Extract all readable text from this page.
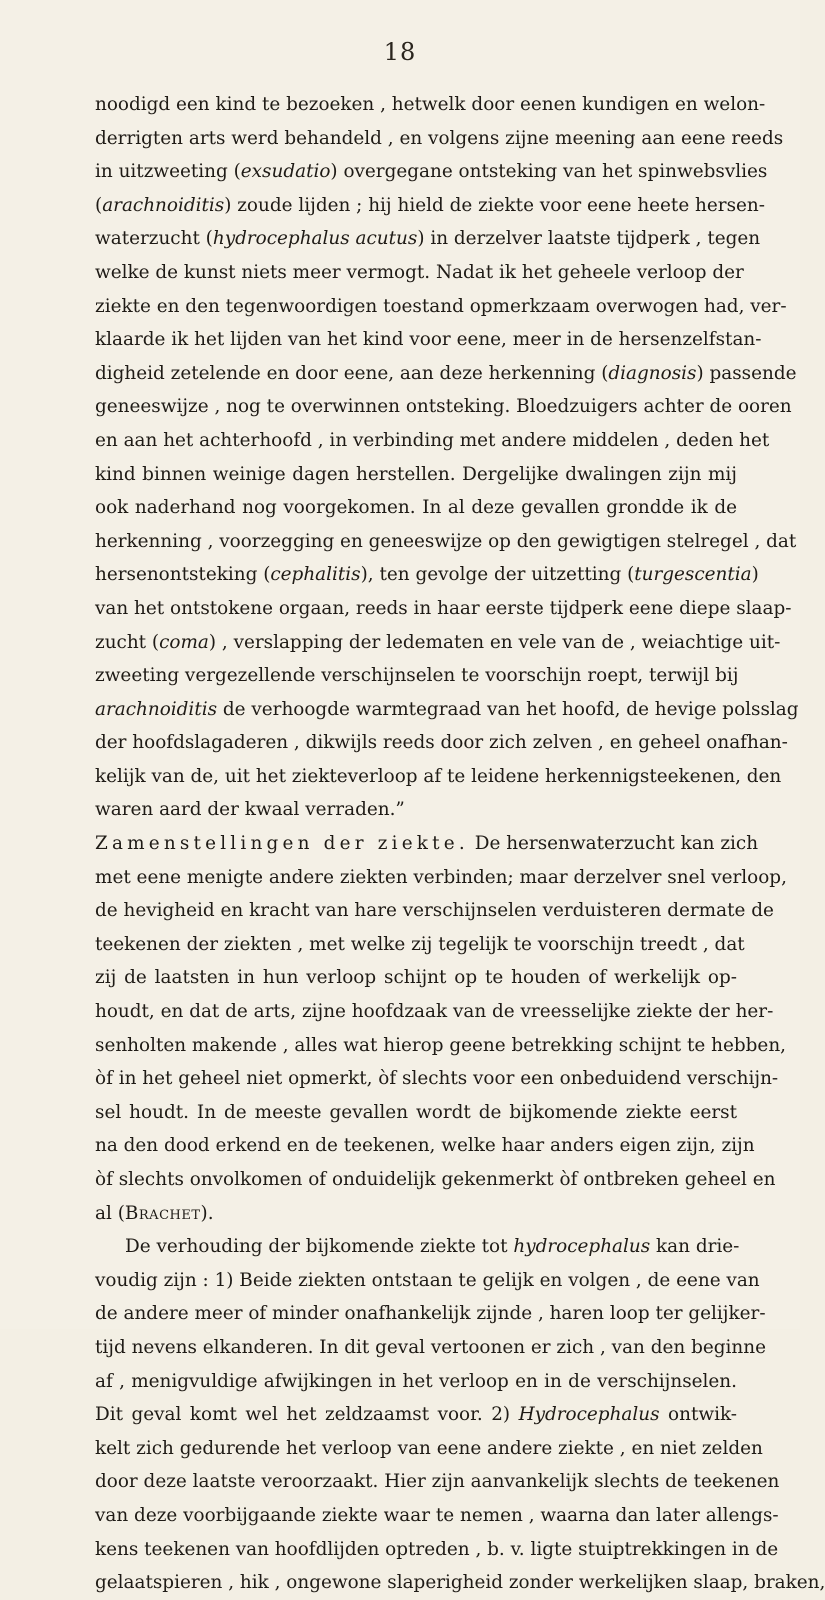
18
noodigd een kind te bezoeken , hetwelk door eenen kundigen en welon-
derrigten arts werd behandeld , en volgens zijne meening aan eene reeds
in uitzweeting (exsudatio) overgegane ontsteking van het spinwebsvlies
(arachnoiditis) zoude lijden ; hij hield de ziekte voor eene heete hersen-
waterzucht (hydrocephalus acutus) in derzelver laatste tijdperk , tegen
welke de kunst niets meer vermogt. Nadat ik het geheele verloop der
ziekte en den tegenwoordigen toestand opmerkzaam overwogen had, ver-
klaarde ik het lijden van het kind voor eene, meer in de hersenzelfstan-
digheid zetelende en door eene, aan deze herkenning (diagnosis) passende
geneeswijze , nog te overwinnen ontsteking. Bloedzuigers achter de ooren
en aan het achterhoofd , in verbinding met andere middelen , deden het
kind binnen weinige dagen herstellen. Dergelijke dwalingen zijn mij
ook naderhand nog voorgekomen. In al deze gevallen grondde ik de
herkenning , voorzegging en geneeswijze op den gewigtigen stelregel , dat
hersenontsteking (cephalitis), ten gevolge der uitzetting (turgescentia)
van het ontstokene orgaan, reeds in haar eerste tijdperk eene diepe slaap-
zucht (coma) , verslapping der ledematen en vele van de , weiachtige uit-
zweeting vergezellende verschijnselen te voorschijn roept, terwijl bij
arachnoiditis de verhoogde warmtegraad van het hoofd, de hevige polsslag
der hoofdslagaderen , dikwijls reeds door zich zelven , en geheel onafhan-
kelijk van de, uit het ziekteverloop af te leidene herkennigsteekenen, den
waren aard der kwaal verraden.”
Zamenstellingen der ziekte. De hersenwaterzucht kan zich
met eene menigte andere ziekten verbinden; maar derzelver snel verloop,
de hevigheid en kracht van hare verschijnselen verduisteren dermate de
teekenen der ziekten , met welke zij tegelijk te voorschijn treedt , dat
zij de laatsten in hun verloop schijnt op te houden of werkelijk op-
houdt, en dat de arts, zijne hoofdzaak van de vreesselijke ziekte der her-
senholten makende , alles wat hierop geene betrekking schijnt te hebben,
òf in het geheel niet opmerkt, òf slechts voor een onbeduidend verschijn-
sel houdt. In de meeste gevallen wordt de bijkomende ziekte eerst
na den dood erkend en de teekenen, welke haar anders eigen zijn, zijn
òf slechts onvolkomen of onduidelijk gekenmerkt òf ontbreken geheel en
al (Brachet).
De verhouding der bijkomende ziekte tot hydrocephalus kan drie-
voudig zijn : 1) Beide ziekten ontstaan te gelijk en volgen , de eene van
de andere meer of minder onafhankelijk zijnde , haren loop ter gelijker-
tijd nevens elkanderen. In dit geval vertoonen er zich , van den beginne
af , menigvuldige afwijkingen in het verloop en in de verschijnselen.
Dit geval komt wel het zeldzaamst voor. 2) Hydrocephalus ontwik-
kelt zich gedurende het verloop van eene andere ziekte , en niet zelden
door deze laatste veroorzaakt. Hier zijn aanvankelijk slechts de teekenen
van deze voorbijgaande ziekte waar te nemen , waarna dan later allengs-
kens teekenen van hoofdlijden optreden , b. v. ligte stuiptrekkingen in de
gelaatspieren , hik , ongewone slaperigheid zonder werkelijken slaap, braken,
